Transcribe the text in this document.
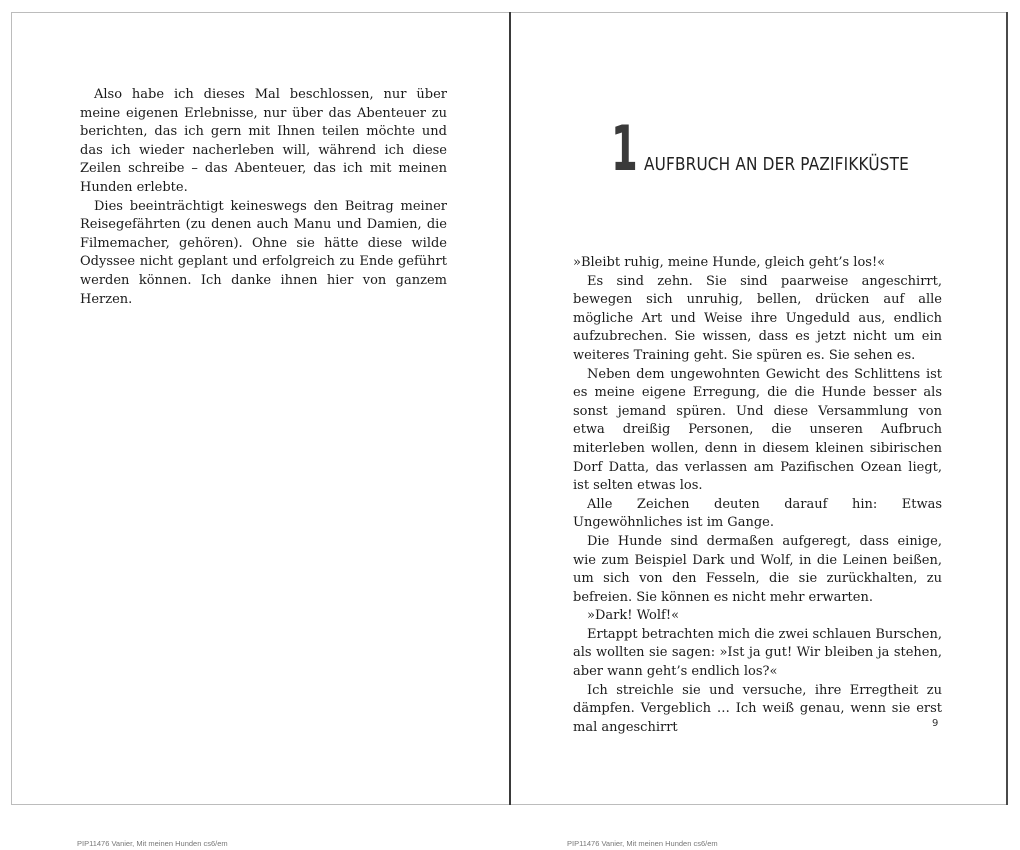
Also habe ich dieses Mal beschlossen, nur über meine eigenen Erlebnisse, nur über das Abenteuer zu berichten, das ich gern mit Ihnen teilen möchte und das ich wieder nacherleben will, während ich diese Zeilen schreibe – das Abenteuer, das ich mit meinen Hunden erlebte.

Dies beeinträchtigt keineswegs den Beitrag meiner Reisegefährten (zu denen auch Manu und Damien, die Filmemacher, gehören). Ohne sie hätte diese wilde Odyssee nicht geplant und erfolgreich zu Ende geführt werden können. Ich danke ihnen hier von ganzem Herzen.

1 AUFBRUCH AN DER PAZIFIKKÜSTE

»Bleibt ruhig, meine Hunde, gleich geht’s los!«

Es sind zehn. Sie sind paarweise angeschirrt, bewegen sich unruhig, bellen, drücken auf alle mögliche Art und Weise ihre Ungeduld aus, endlich aufzubrechen. Sie wissen, dass es jetzt nicht um ein weiteres Training geht. Sie spüren es. Sie sehen es.

Neben dem ungewohnten Gewicht des Schlittens ist es meine eigene Erregung, die die Hunde besser als sonst jemand spüren. Und diese Versammlung von etwa dreißig Personen, die unseren Aufbruch miterleben wollen, denn in diesem kleinen sibirischen Dorf Datta, das verlassen am Pazifischen Ozean liegt, ist selten etwas los.

Alle Zeichen deuten darauf hin: Etwas Ungewöhnliches ist im Gange.

Die Hunde sind dermaßen aufgeregt, dass einige, wie zum Beispiel Dark und Wolf, in die Leinen beißen, um sich von den Fesseln, die sie zurückhalten, zu befreien. Sie können es nicht mehr erwarten.

»Dark! Wolf!«

Ertappt betrachten mich die zwei schlauen Burschen, als wollten sie sagen: »Ist ja gut! Wir bleiben ja stehen, aber wann geht’s endlich los?«

Ich streichle sie und versuche, ihre Erregtheit zu dämpfen. Vergeblich … Ich weiß genau, wenn sie erst mal angeschirrt	9
PIP11476 Vanier, Mit meinen Hunden cs6/em	PIP11476 Vanier, Mit meinen Hunden cs6/em
